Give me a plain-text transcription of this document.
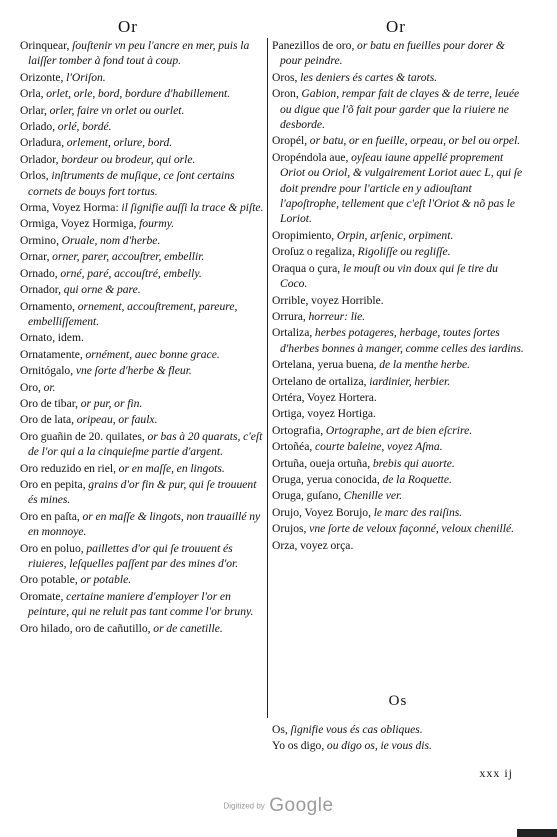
Or	Or

Orinquear, ſouſtenir vn peu l'ancre en mer, puis la laiſſer tomber à fond tout à coup.

Orizonte, l'Oriſon.

Orla, orlet, orle, bord, bordure d'habillement.

Orlar, orler, faire vn orlet ou ourlet.

Orlado, orlé, bordé.

Orladura, orlement, orlure, bord.

Orlador, bordeur ou brodeur, qui orle.

Orlos, inſtruments de muſique, ce ſont certains cornets de bouys fort tortus.

Orma, Voyez Horma: il ſignifie auſſi la trace & piſte.

Ormiga, Voyez Hormiga, fourmy.

Ormino, Oruale, nom d'herbe.

Ornar, orner, parer, accouſtrer, embellir.

Ornado, orné, paré, accouſtré, embelly.

Ornador, qui orne & pare.

Ornamento, ornement, accouſtrement, pareure, embelliſſement.

Ornato, idem.

Ornatamente, ornément, auec bonne grace.

Ornitógalo, vne ſorte d'herbe & fleur.

Oro, or.

Oro de tibar, or pur, or fin.

Oro de lata, oripeau, or faulx.

Oro guañin de 20. quilates, or bas à 20 quarats, c'eſt de l'or qui a la cinquieſme partie d'argent.

Oro reduzido en riel, or en maſſe, en lingots.

Oro en pepita, grains d'or fin & pur, qui ſe trouuent és mines.

Oro en paſta, or en maſſe & lingots, non trauaillé ny en monnoye.

Oro en poluo, paillettes d'or qui ſe trouuent és riuieres, leſquelles paſſent par des mines d'or.

Oro potable, or potable.

Oromate, certaine maniere d'employer l'or en peinture, qui ne reluit pas tant comme l'or bruny.

Oro hilado, oro de cañutillo, or de canetille.

Panezillos de oro, or batu en fueilles pour dorer & pour peindre.

Oros, les deniers és cartes & tarots.

Oron, Gabion, rempar fait de clayes & de terre, leuée ou digue que l'õ fait pour garder que la riuiere ne desborde.

Oropél, or batu, or en fueille, orpeau, or bel ou orpel.

Oropéndola aue, oyſeau iaune appellé proprement Oriot ou Oriol, & vulgairement Loriot auec L, qui ſe doit prendre pour l'article en y adiouſtant l'apoſtrophe, tellement que c'eſt l'Oriot & nõ pas le Loriot.

Oropimiento, Orpin, arſenic, orpiment.

Oroſuz o regaliza, Rigoliſſe ou regliſſe.

Oraqua o çura, le mouſt ou vin doux qui ſe tire du Coco.

Orrible, voyez Horrible.

Orrura, horreur: lie.

Ortaliza, herbes potageres, herbage, toutes ſortes d'herbes bonnes à manger, comme celles des iardins.

Ortelana, yerua buena, de la menthe herbe.

Ortelano de ortaliza, iardinier, herbier.

Ortéra, Voyez Hortera.

Ortiga, voyez Hortiga.

Ortografia, Ortographe, art de bien eſcrire.

Ortoñéa, courte baleine, voyez Aſma.

Ortuña, oueja ortuña, brebis qui auorte.

Oruga, yerua conocida, de la Roquette.

Oruga, guſano, Chenille ver.

Orujo, Voyez Borujo, le marc des raiſins.

Orujos, vne ſorte de veloux façonné, veloux chenillé.

Orza, voyez orça.

Os

Os, ſignifie vous és cas obliques.

Yo os digo, ou digo os, ie vous dis.

xxx ij
Digitized by Google
